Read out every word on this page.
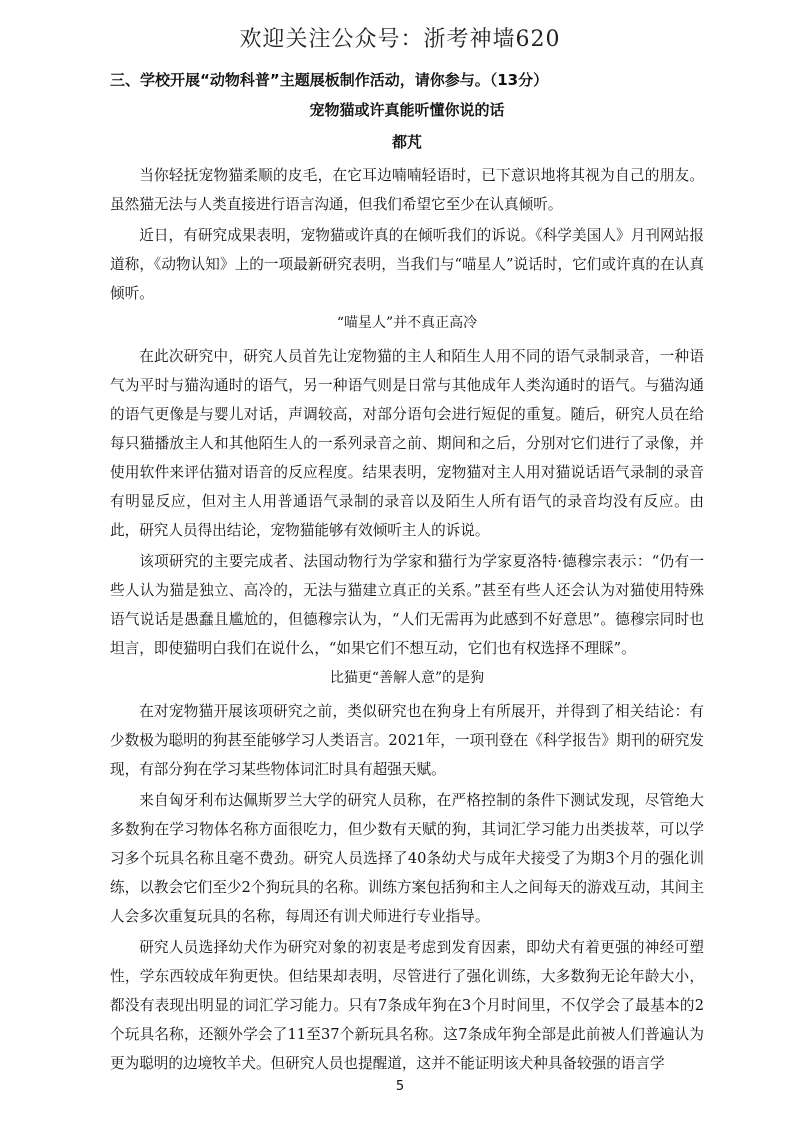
欢迎关注公众号：浙考神墙620
三、学校开展“动物科普”主题展板制作活动，请你参与。（13分）
宠物猫或许真能听懂你说的话
都芃
当你轻抚宠物猫柔顺的皮毛，在它耳边喃喃轻语时，已下意识地将其视为自己的朋友。虽然猫无法与人类直接进行语言沟通，但我们希望它至少在认真倾听。
近日，有研究成果表明，宠物猫或许真的在倾听我们的诉说。《科学美国人》月刊网站报道称，《动物认知》上的一项最新研究表明，当我们与“喵星人”说话时，它们或许真的在认真倾听。
“喵星人”并不真正高冷
在此次研究中，研究人员首先让宠物猫的主人和陌生人用不同的语气录制录音，一种语气为平时与猫沟通时的语气，另一种语气则是日常与其他成年人类沟通时的语气。与猫沟通的语气更像是与婴儿对话，声调较高，对部分语句会进行短促的重复。随后，研究人员在给每只猫播放主人和其他陌生人的一系列录音之前、期间和之后，分别对它们进行了录像，并使用软件来评估猫对语音的反应程度。结果表明，宠物猫对主人用对猫说话语气录制的录音有明显反应，但对主人用普通语气录制的录音以及陌生人所有语气的录音均没有反应。由此，研究人员得出结论，宠物猫能够有效倾听主人的诉说。
该项研究的主要完成者、法国动物行为学家和猫行为学家夏洛特·德穆宗表示：“仍有一些人认为猫是独立、高冷的，无法与猫建立真正的关系。”甚至有些人还会认为对猫使用特殊语气说话是愚蠢且尴尬的，但德穆宗认为，“人们无需再为此感到不好意思”。德穆宗同时也坦言，即使猫明白我们在说什么，“如果它们不想互动，它们也有权选择不理睬”。
比猫更“善解人意”的是狗
在对宠物猫开展该项研究之前，类似研究也在狗身上有所展开，并得到了相关结论：有少数极为聪明的狗甚至能够学习人类语言。2021年，一项刊登在《科学报告》期刊的研究发现，有部分狗在学习某些物体词汇时具有超强天赋。
来自匈牙利布达佩斯罗兰大学的研究人员称，在严格控制的条件下测试发现，尽管绝大多数狗在学习物体名称方面很吃力，但少数有天赋的狗，其词汇学习能力出类拔萃，可以学习多个玩具名称且毫不费劲。研究人员选择了40条幼犬与成年犬接受了为期3个月的强化训练，以教会它们至少2个狗玩具的名称。训练方案包括狗和主人之间每天的游戏互动，其间主人会多次重复玩具的名称，每周还有训犬师进行专业指导。
研究人员选择幼犬作为研究对象的初衷是考虑到发育因素，即幼犬有着更强的神经可塑性，学东西较成年狗更快。但结果却表明，尽管进行了强化训练，大多数狗无论年龄大小，都没有表现出明显的词汇学习能力。只有7条成年狗在3个月时间里，不仅学会了最基本的2个玩具名称，还额外学会了11至37个新玩具名称。这7条成年狗全部是此前被人们普遍认为更为聪明的边境牧羊犬。但研究人员也提醒道，这并不能证明该犬种具备较强的语言学
5
